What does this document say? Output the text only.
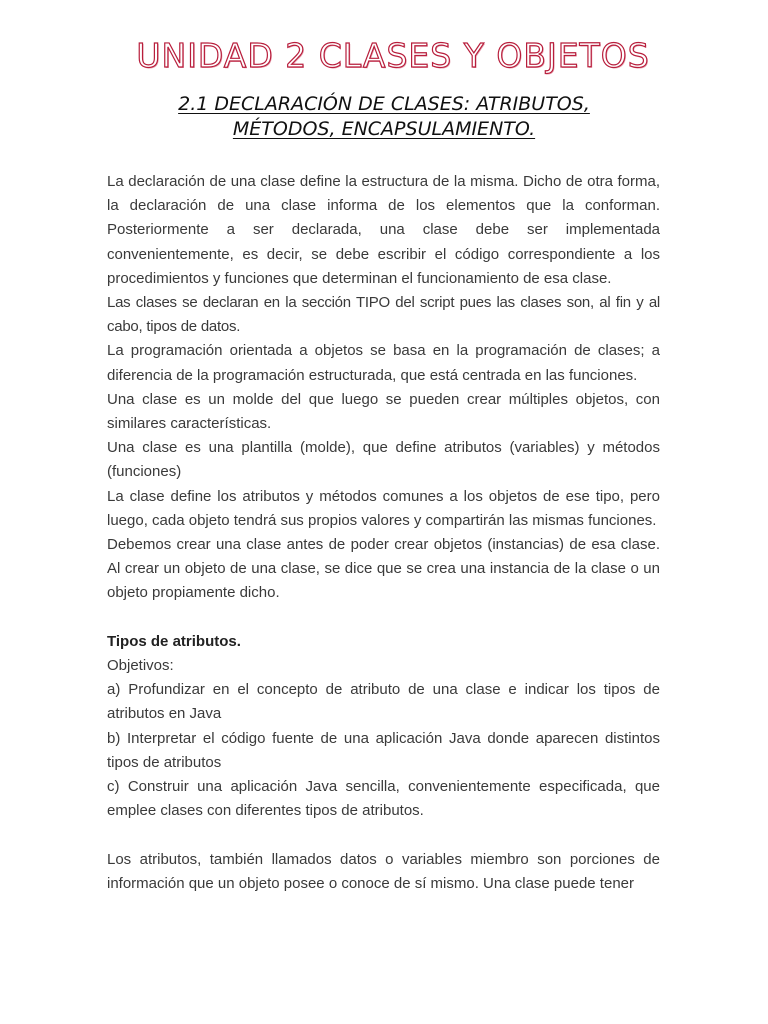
UNIDAD 2 CLASES Y OBJETOS
2.1 DECLARACIÓN DE CLASES: ATRIBUTOS,
MÉTODOS, ENCAPSULAMIENTO.

La declaración de una clase define la estructura de la misma. Dicho de otra forma, la declaración de una clase informa de los elementos que la conforman. Posteriormente a ser declarada, una clase debe ser implementada convenientemente, es decir, se debe escribir el código correspondiente a los procedimientos y funciones que determinan el funcionamiento de esa clase.

Las clases se declaran en la sección TIPO del script pues las clases son, al fin y al cabo, tipos de datos.

La programación orientada a objetos se basa en la programación de clases; a diferencia de la programación estructurada, que está centrada en las funciones.

Una clase es un molde del que luego se pueden crear múltiples objetos, con similares características.

Una clase es una plantilla (molde), que define atributos (variables) y métodos (funciones)

La clase define los atributos y métodos comunes a los objetos de ese tipo, pero luego, cada objeto tendrá sus propios valores y compartirán las mismas funciones.

Debemos crear una clase antes de poder crear objetos (instancias) de esa clase. Al crear un objeto de una clase, se dice que se crea una instancia de la clase o un objeto propiamente dicho.

Tipos de atributos.

Objetivos:

a) Profundizar en el concepto de atributo de una clase e indicar los tipos de atributos en Java

b) Interpretar el código fuente de una aplicación Java donde aparecen distintos tipos de atributos

c) Construir una aplicación Java sencilla, convenientemente especificada, que emplee clases con diferentes tipos de atributos.

Los atributos, también llamados datos o variables miembro son porciones de información que un objeto posee o conoce de sí mismo. Una clase puede tener
